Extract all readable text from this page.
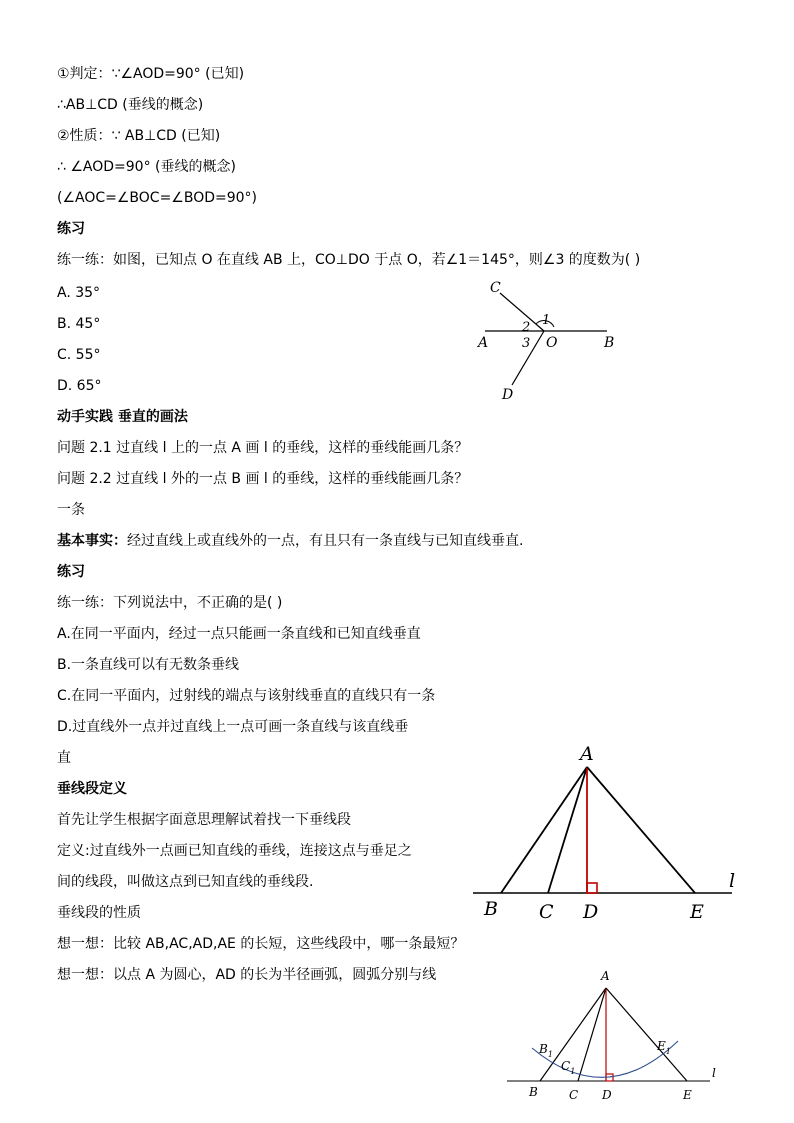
①判定：∵∠AOD=90° (已知)
∴AB⊥CD (垂线的概念)
②性质：∵ AB⊥CD (已知)
∴ ∠AOD=90° (垂线的概念)
(∠AOC=∠BOC=∠BOD=90°)
练习
练一练：如图，已知点 O 在直线 AB 上，CO⊥DO 于点 O，若∠1＝145°，则∠3 的度数为( )
A. 35°
B. 45°
C. 55°
D. 65°
动手实践 垂直的画法
问题 2.1 过直线 l 上的一点 A 画 l 的垂线，这样的垂线能画几条？
问题 2.2 过直线 l 外的一点 B 画 l 的垂线，这样的垂线能画几条？
一条
基本事实：经过直线上或直线外的一点，有且只有一条直线与已知直线垂直.
练习
练一练：下列说法中，不正确的是( )
A.在同一平面内，经过一点只能画一条直线和已知直线垂直
B.一条直线可以有无数条垂线
C.在同一平面内，过射线的端点与该射线垂直的直线只有一条
D.过直线外一点并过直线上一点可画一条直线与该直线垂
直
垂线段定义
首先让学生根据字面意思理解试着找一下垂线段
定义:过直线外一点画已知直线的垂线，连接这点与垂足之
间的线段，叫做这点到已知直线的垂线段.
垂线段的性质
想一想：比较 AB,AC,AD,AE 的长短，这些线段中，哪一条最短？
想一想：以点 A 为圆心，AD 的长为半径画弧，圆弧分别与线
C
1
2
3
A	O	B
D
A
l
B C D	E
A
$B_1$
$C_1$
$E_1$
l
B	C D	E
